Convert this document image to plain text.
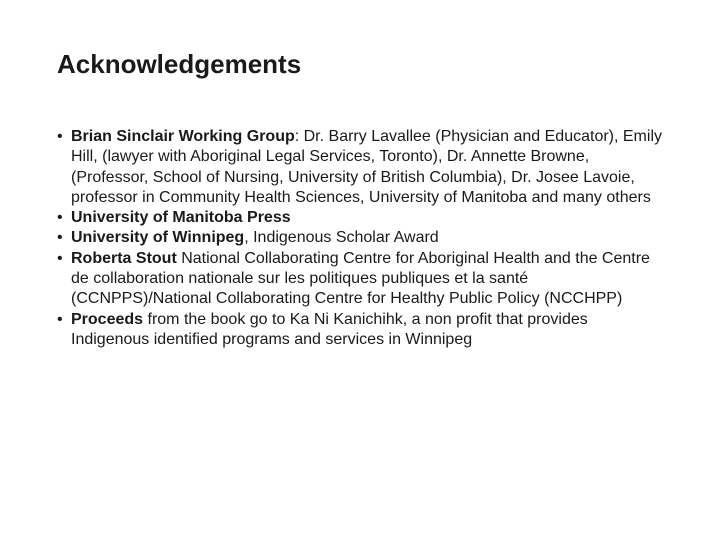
Acknowledgements
• Brian Sinclair Working Group: Dr. Barry Lavallee (Physician and Educator), Emily Hill, (lawyer with Aboriginal Legal Services, Toronto), Dr. Annette Browne, (Professor, School of Nursing, University of British Columbia), Dr. Josee Lavoie, professor in Community Health Sciences, University of Manitoba and many others
• University of Manitoba Press
• University of Winnipeg, Indigenous Scholar Award
• Roberta Stout National Collaborating Centre for Aboriginal Health and the Centre de collaboration nationale sur les politiques publiques et la santé (CCNPPS)/National Collaborating Centre for Healthy Public Policy (NCCHPP)
• Proceeds from the book go to Ka Ni Kanichihk, a non profit that provides Indigenous identified programs and services in Winnipeg
